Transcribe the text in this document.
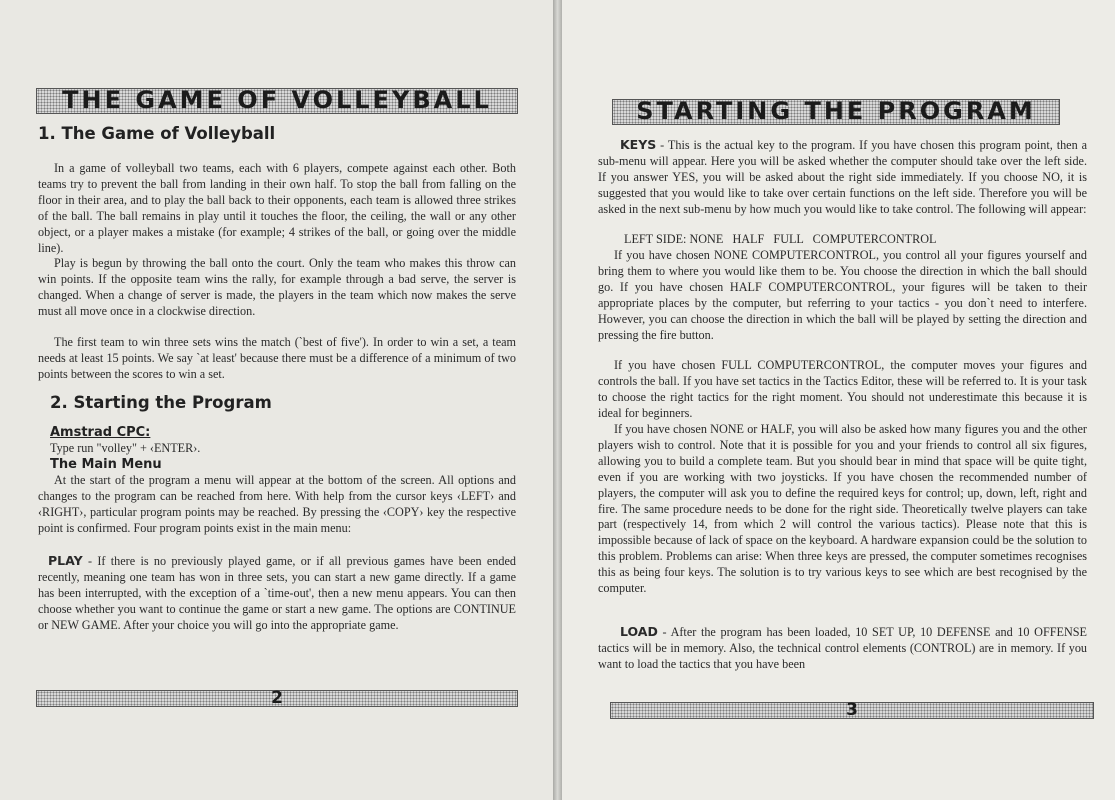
THE GAME OF VOLLEYBALL
1. The Game of Volleyball

In a game of volleyball two teams, each with 6 players, compete against each other. Both teams try to prevent the ball from landing in their own half. To stop the ball from falling on the floor in their area, and to play the ball back to their opponents, each team is allowed three strikes of the ball. The ball remains in play until it touches the floor, the ceiling, the wall or any other object, or a player makes a mistake (for example; 4 strikes of the ball, or going over the middle line).

Play is begun by throwing the ball onto the court. Only the team who makes this throw can win points. If the opposite team wins the rally, for example through a bad serve, the server is changed. When a change of server is made, the players in the team which now makes the serve must all move once in a clockwise direction.

The first team to win three sets wins the match (`best of five'). In order to win a set, a team needs at least 15 points. We say `at least' because there must be a difference of a minimum of two points between the scores to win a set.

2. Starting the Program
Amstrad CPC:

Type run "volley" + ‹ENTER›.

The Main Menu

At the start of the program a menu will appear at the bottom of the screen. All options and changes to the program can be reached from here. With help from the cursor keys ‹LEFT› and ‹RIGHT›, particular program points may be reached. By pressing the ‹COPY› key the respective point is confirmed. Four program points exist in the main menu:

PLAY - If there is no previously played game, or if all previous games have been ended recently, meaning one team has won in three sets, you can start a new game directly. If a game has been interrupted, with the exception of a `time-out', then a new menu appears. You can then choose whether you want to continue the game or start a new game. The options are CONTINUE or NEW GAME. After your choice you will go into the appropriate game.

2
STARTING THE PROGRAM

KEYS - This is the actual key to the program. If you have chosen this program point, then a sub-menu will appear. Here you will be asked whether the computer should take over the left side. If you answer YES, you will be asked about the right side immediately. If you choose NO, it is suggested that you would like to take over certain functions on the left side. Therefore you will be asked in the next sub-menu by how much you would like to take control. The following will appear:

LEFT SIDE: NONE   HALF   FULL   COMPUTERCONTROL

If you have chosen NONE COMPUTERCONTROL, you control all your figures yourself and bring them to where you would like them to be. You choose the direction in which the ball should go. If you have chosen HALF COMPUTERCONTROL, your figures will be taken to their appropriate places by the computer, but referring to your tactics - you don`t need to interfere. However, you can choose the direction in which the ball will be played by setting the direction and pressing the fire button.

If you have chosen FULL COMPUTERCONTROL, the computer moves your figures and controls the ball. If you have set tactics in the Tactics Editor, these will be referred to. It is your task to choose the right tactics for the right moment. You should not underestimate this because it is ideal for beginners.

If you have chosen NONE or HALF, you will also be asked how many figures you and the other players wish to control. Note that it is possible for you and your friends to control all six figures, allowing you to build a complete team. But you should bear in mind that space will be quite tight, even if you are working with two joysticks. If you have chosen the recommended number of players, the computer will ask you to define the required keys for control; up, down, left, right and fire. The same procedure needs to be done for the right side. Theoretically twelve players can take part (respectively 14, from which 2 will control the various tactics). Please note that this is impossible because of lack of space on the keyboard. A hardware expansion could be the solution to this problem. Problems can arise: When three keys are pressed, the computer sometimes recognises this as being four keys. The solution is to try various keys to see which are best recognised by the computer.

LOAD - After the program has been loaded, 10 SET UP, 10 DEFENSE and 10 OFFENSE tactics will be in memory. Also, the technical control elements (CONTROL) are in memory. If you want to load the tactics that you have been

3
